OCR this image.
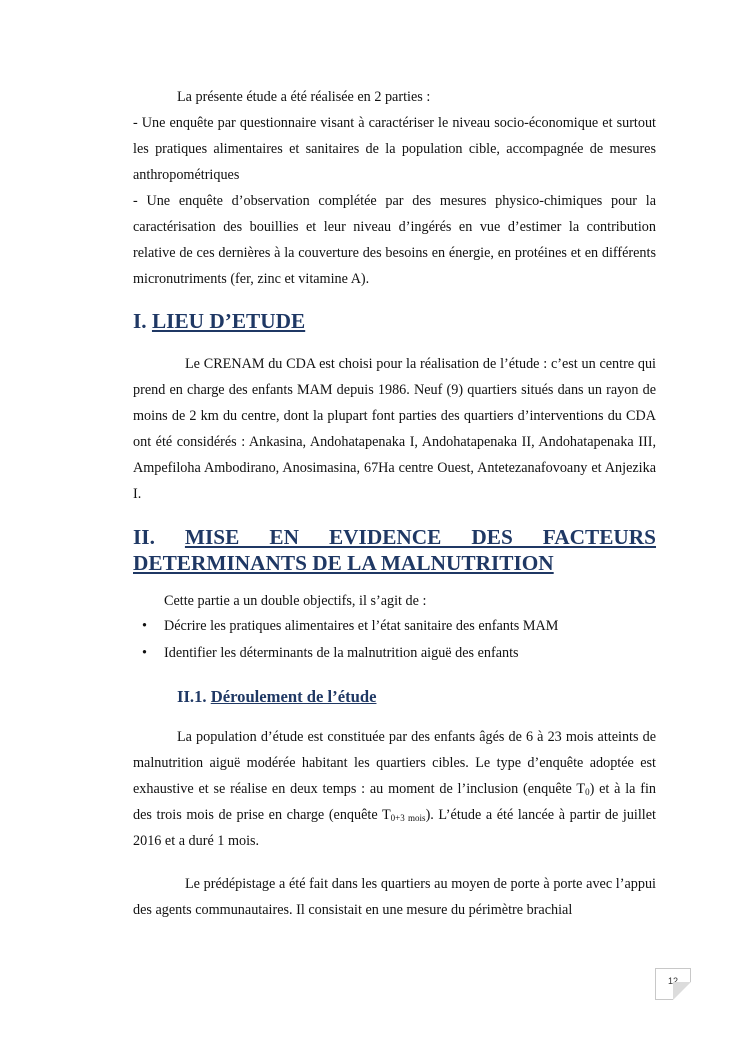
La présente étude a été réalisée en 2 parties :

- Une enquête par questionnaire visant à caractériser le niveau socio-économique et surtout les pratiques alimentaires et sanitaires de la population cible, accompagnée de mesures anthropométriques

- Une enquête d’observation complétée par des mesures physico-chimiques pour la caractérisation des bouillies et leur niveau d’ingérés en vue d’estimer la contribution relative de ces dernières à la couverture des besoins en énergie, en protéines et en différents micronutriments (fer, zinc et vitamine A).

I. LIEU D’ETUDE

Le CRENAM du CDA est choisi pour la réalisation de l’étude : c’est un centre qui prend en charge des enfants MAM depuis 1986. Neuf (9) quartiers situés dans un rayon de moins de 2 km du centre, dont la plupart font parties des quartiers d’interventions du CDA ont été considérés : Ankasina, Andohatapenaka I, Andohatapenaka II, Andohatapenaka III, Ampefiloha Ambodirano, Anosimasina, 67Ha centre Ouest, Antetezanafovoany et Anjezika I.

II. MISE EN EVIDENCE DES FACTEURS DETERMINANTS DE LA MALNUTRITION

Cette partie a un double objectifs, il s’agit de :

• Décrire les pratiques alimentaires et l’état sanitaire des enfants MAM
• Identifier les déterminants de la malnutrition aiguë des enfants
II.1. Déroulement de l’étude

La population d’étude est constituée par des enfants âgés de 6 à 23 mois atteints de malnutrition aiguë modérée habitant les quartiers cibles. Le type d’enquête adoptée est exhaustive et se réalise en deux temps : au moment de l’inclusion (enquête $T_0$) et à la fin des trois mois de prise en charge (enquête $T_{0+3 mois}$). L’étude a été lancée à partir de juillet 2016 et a duré 1 mois.

Le prédépistage a été fait dans les quartiers au moyen de porte à porte avec l’appui des agents communautaires. Il consistait en une mesure du périmètre brachial

12
